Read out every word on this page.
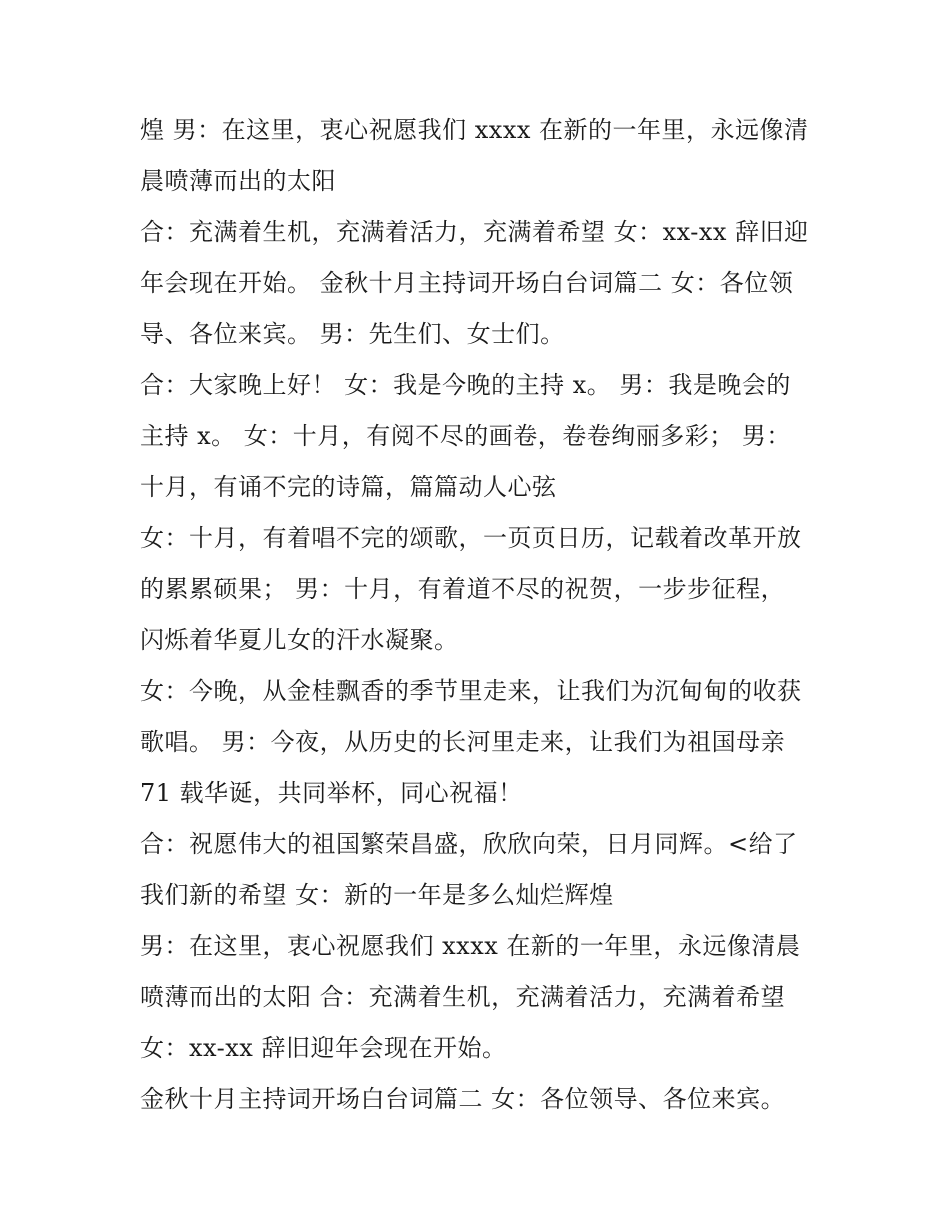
煌 男：在这里，衷心祝愿我们 xxxx 在新的一年里，永远像清
晨喷薄而出的太阳
合：充满着生机，充满着活力，充满着希望 女：xx-xx 辞旧迎
年会现在开始。 金秋十月主持词开场白台词篇二 女：各位领
导、各位来宾。 男：先生们、女士们。
合：大家晚上好！ 女：我是今晚的主持 x。 男：我是晚会的
主持 x。 女：十月，有阅不尽的画卷，卷卷绚丽多彩； 男：
十月，有诵不完的诗篇，篇篇动人心弦
女：十月，有着唱不完的颂歌，一页页日历，记载着改革开放
的累累硕果； 男：十月，有着道不尽的祝贺，一步步征程，
闪烁着华夏儿女的汗水凝聚。
女：今晚，从金桂飘香的季节里走来，让我们为沉甸甸的收获
歌唱。 男：今夜，从历史的长河里走来，让我们为祖国母亲
71 载华诞，共同举杯，同心祝福！
合：祝愿伟大的祖国繁荣昌盛，欣欣向荣，日月同辉。<给了
我们新的希望 女：新的一年是多么灿烂辉煌
男：在这里，衷心祝愿我们 xxxx 在新的一年里，永远像清晨
喷薄而出的太阳 合：充满着生机，充满着活力，充满着希望
女：xx-xx 辞旧迎年会现在开始。
金秋十月主持词开场白台词篇二 女：各位领导、各位来宾。
